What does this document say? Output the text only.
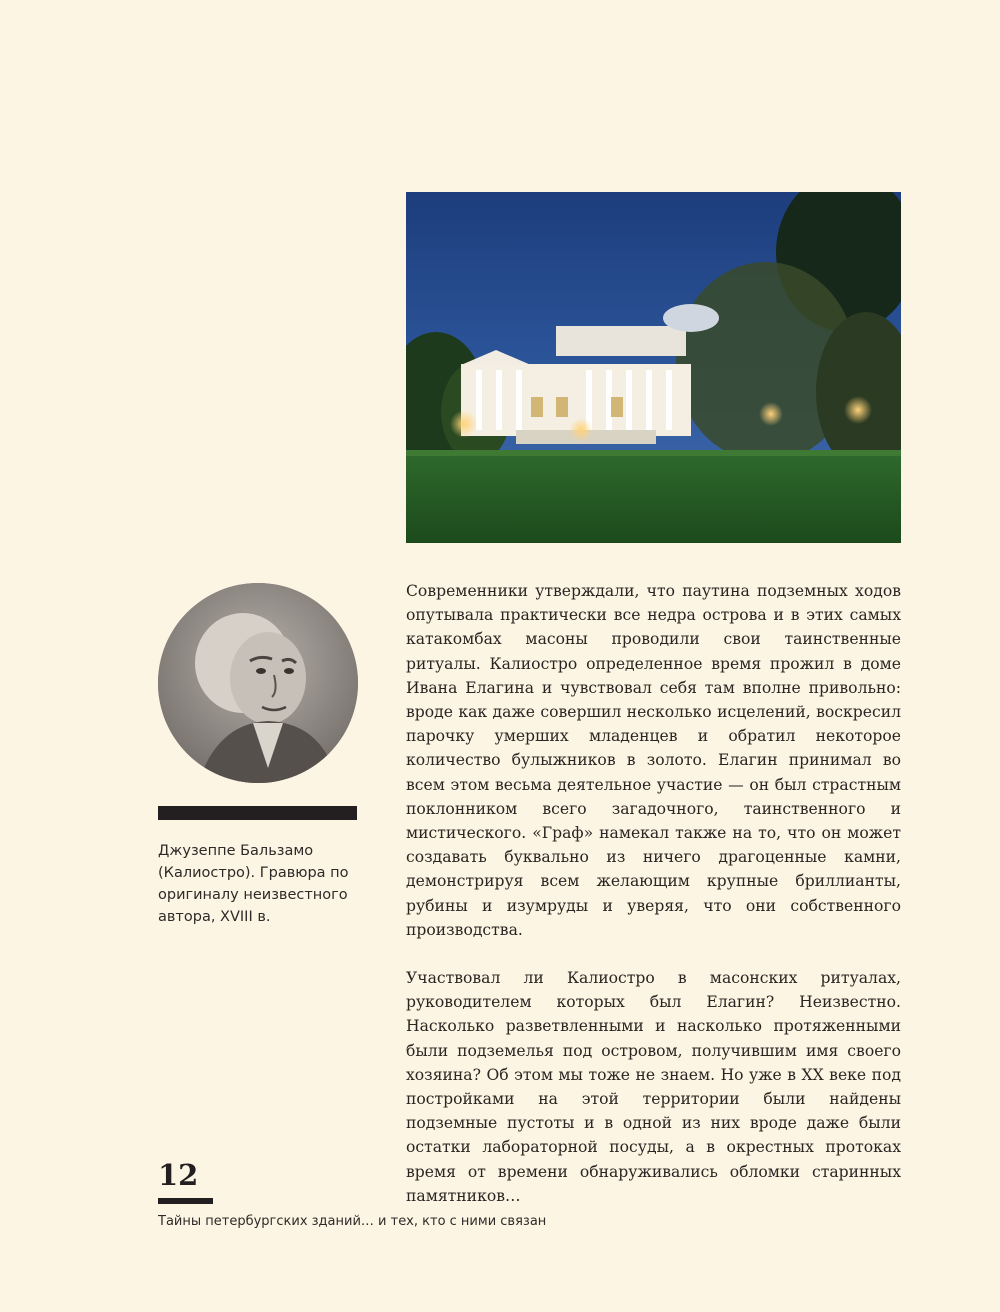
Джузеппе Бальзамо (Калиостро). Гравюра по оригиналу неизвестного автора, XVIII в.

Современники утверждали, что паутина подземных ходов опутывала практически все недра острова и в этих самых катакомбах масоны проводили свои таинственные ритуалы. Калиостро определенное время прожил в доме Ивана Елагина и чувствовал себя там вполне привольно: вроде как даже совершил несколько исцелений, воскресил парочку умерших младенцев и обратил некоторое количество булыжников в золото. Елагин принимал во всем этом весьма деятельное участие — он был страстным поклонником всего загадочного, таинственного и мистического. «Граф» намекал также на то, что он может создавать буквально из ничего драгоценные камни, демонстрируя всем желающим крупные бриллианты, рубины и изумруды и уверяя, что они собственного производства.

Участвовал ли Калиостро в масонских ритуалах, руководителем которых был Елагин? Неизвестно. Насколько разветвленными и насколько протяженными были подземелья под островом, получившим имя своего хозяина? Об этом мы тоже не знаем. Но уже в XX веке под постройками на этой территории были найдены подземные пустоты и в одной из них вроде даже были остатки лабораторной посуды, а в окрестных протоках время от времени обнаруживались обломки старинных памятников…

12
Тайны петербургских зданий… и тех, кто с ними связан
